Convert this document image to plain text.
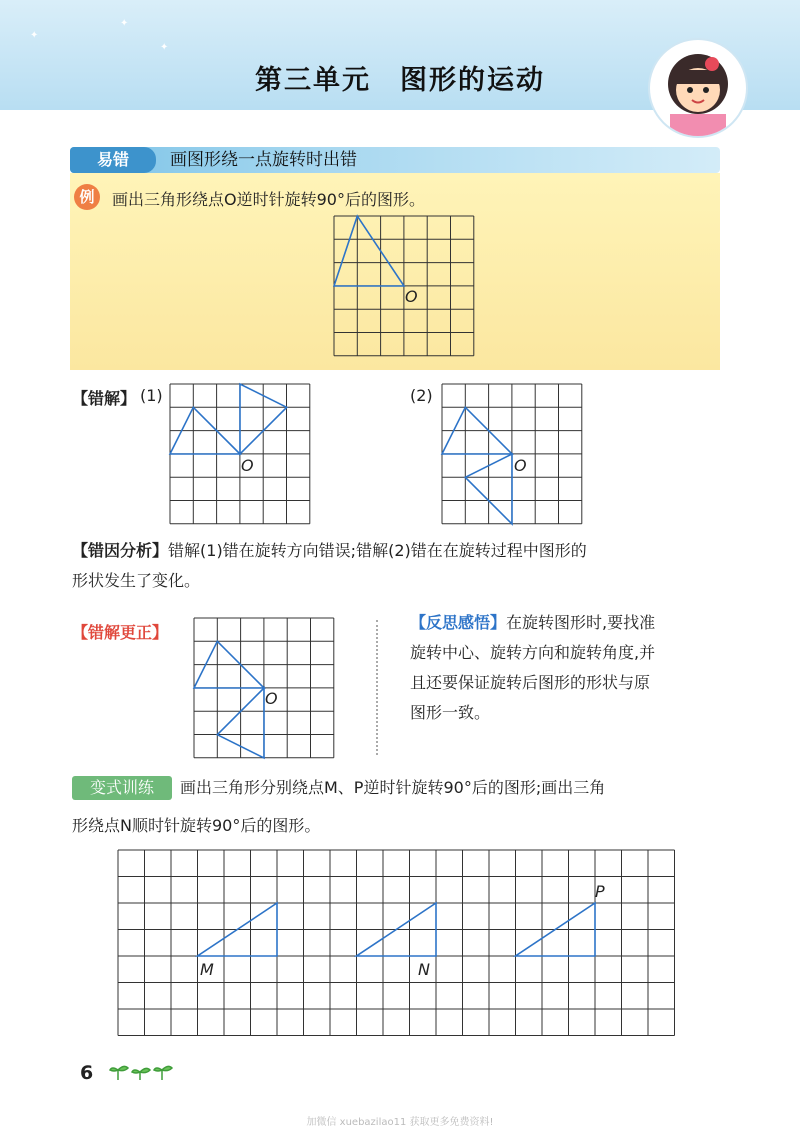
✦
✦
✦
第三单元　图形的运动
易错	画图形绕一点旋转时出错
例	画出三角形绕点O逆时针旋转90°后的图形。
O
【错解】 (1)
O
(2)
O
【错因分析】错解(1)错在旋转方向错误;错解(2)错在在旋转过程中图形的
形状发生了变化。
【错解更正】
O
【反思感悟】在旋转图形时,要找准
旋转中心、旋转方向和旋转角度,并
且还要保证旋转后图形的形状与原
图形一致。
变式训练	画出三角形分别绕点M、P逆时针旋转90°后的图形;画出三角
形绕点N顺时针旋转90°后的图形。
M	N
P
6
加微信 xuebazilao11 获取更多免费资料!
